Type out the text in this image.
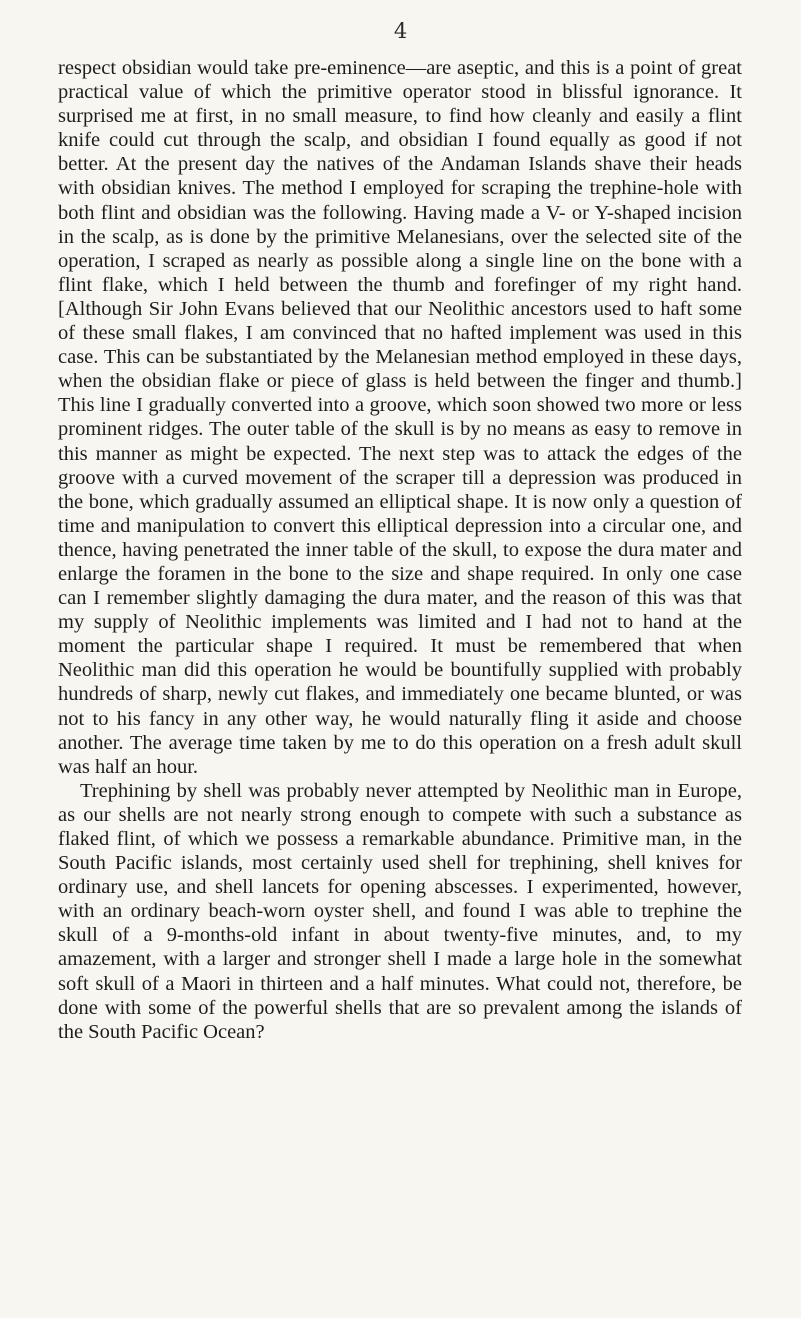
4

respect obsidian would take pre-eminence—are aseptic, and this is a point of great practical value of which the primitive operator stood in blissful ignorance. It surprised me at first, in no small measure, to find how cleanly and easily a flint knife could cut through the scalp, and obsidian I found equally as good if not better. At the present day the natives of the Andaman Islands shave their heads with obsidian knives. The method I employed for scraping the trephine-hole with both flint and obsidian was the following. Having made a V- or Y-shaped incision in the scalp, as is done by the primitive Melanesians, over the selected site of the operation, I scraped as nearly as possible along a single line on the bone with a flint flake, which I held between the thumb and forefinger of my right hand. [Although Sir John Evans believed that our Neolithic ancestors used to haft some of these small flakes, I am convinced that no hafted implement was used in this case. This can be substantiated by the Melanesian method employed in these days, when the obsidian flake or piece of glass is held between the finger and thumb.] This line I gradually converted into a groove, which soon showed two more or less prominent ridges. The outer table of the skull is by no means as easy to remove in this manner as might be expected. The next step was to attack the edges of the groove with a curved movement of the scraper till a depression was produced in the bone, which gradually assumed an elliptical shape. It is now only a question of time and manipulation to convert this elliptical depression into a circular one, and thence, having penetrated the inner table of the skull, to expose the dura mater and enlarge the foramen in the bone to the size and shape required. In only one case can I remember slightly damaging the dura mater, and the reason of this was that my supply of Neolithic implements was limited and I had not to hand at the moment the particular shape I required. It must be remembered that when Neolithic man did this operation he would be bountifully supplied with probably hundreds of sharp, newly cut flakes, and immediately one became blunted, or was not to his fancy in any other way, he would naturally fling it aside and choose another. The average time taken by me to do this operation on a fresh adult skull was half an hour.

Trephining by shell was probably never attempted by Neolithic man in Europe, as our shells are not nearly strong enough to compete with such a substance as flaked flint, of which we possess a remarkable abundance. Primitive man, in the South Pacific islands, most certainly used shell for trephining, shell knives for ordinary use, and shell lancets for opening abscesses. I experimented, however, with an ordinary beach-worn oyster shell, and found I was able to trephine the skull of a 9-months-old infant in about twenty-five minutes, and, to my amazement, with a larger and stronger shell I made a large hole in the somewhat soft skull of a Maori in thirteen and a half minutes. What could not, therefore, be done with some of the powerful shells that are so prevalent among the islands of the South Pacific Ocean?
